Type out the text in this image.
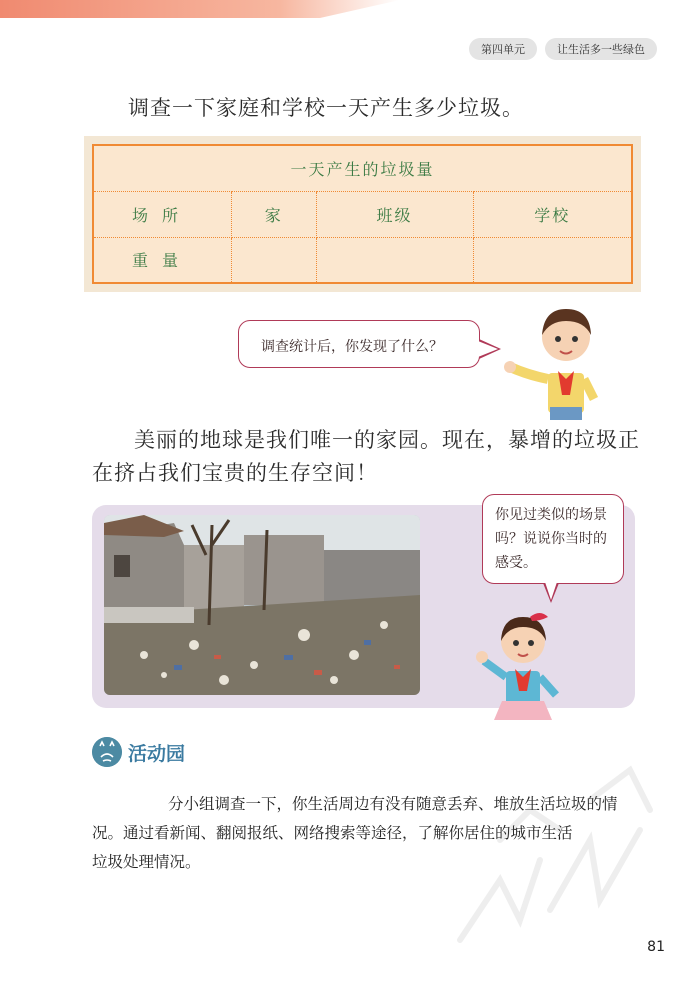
第四单元	让生活多一些绿色
调查一下家庭和学校一天产生多少垃圾。
一天产生的垃圾量			
场所	家	班级	学校
重量			
调查统计后，你发现了什么？
美丽的地球是我们唯一的家园。现在，暴增的垃圾正在挤占我们宝贵的生存空间！
你见过类似的场景吗？说说你当时的感受。
活动园
分小组调查一下，你生活周边有没有随意丢弃、堆放生活垃圾的情
况。通过看新闻、翻阅报纸、网络搜索等途径，了解你居住的城市生活
垃圾处理情况。
81
